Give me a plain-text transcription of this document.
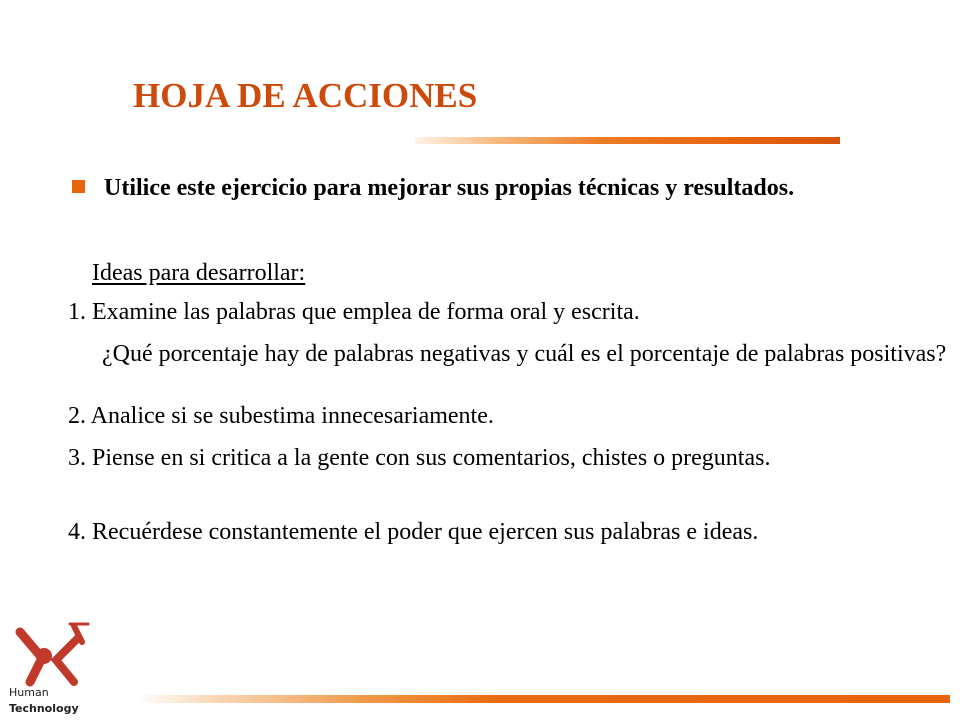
HOJA DE ACCIONES

Utilice este ejercicio para mejorar sus propias técnicas y resultados.

Ideas para desarrollar:

1. Examine las palabras que emplea de forma oral y escrita.

¿Qué porcentaje hay de palabras negativas y cuál es el porcentaje de palabras positivas?

2. Analice si se subestima innecesariamente.

3. Piense en si critica a la gente con sus comentarios, chistes o preguntas.

4. Recuérdese constantemente el poder que ejercen sus palabras e ideas.

Human

Technology
